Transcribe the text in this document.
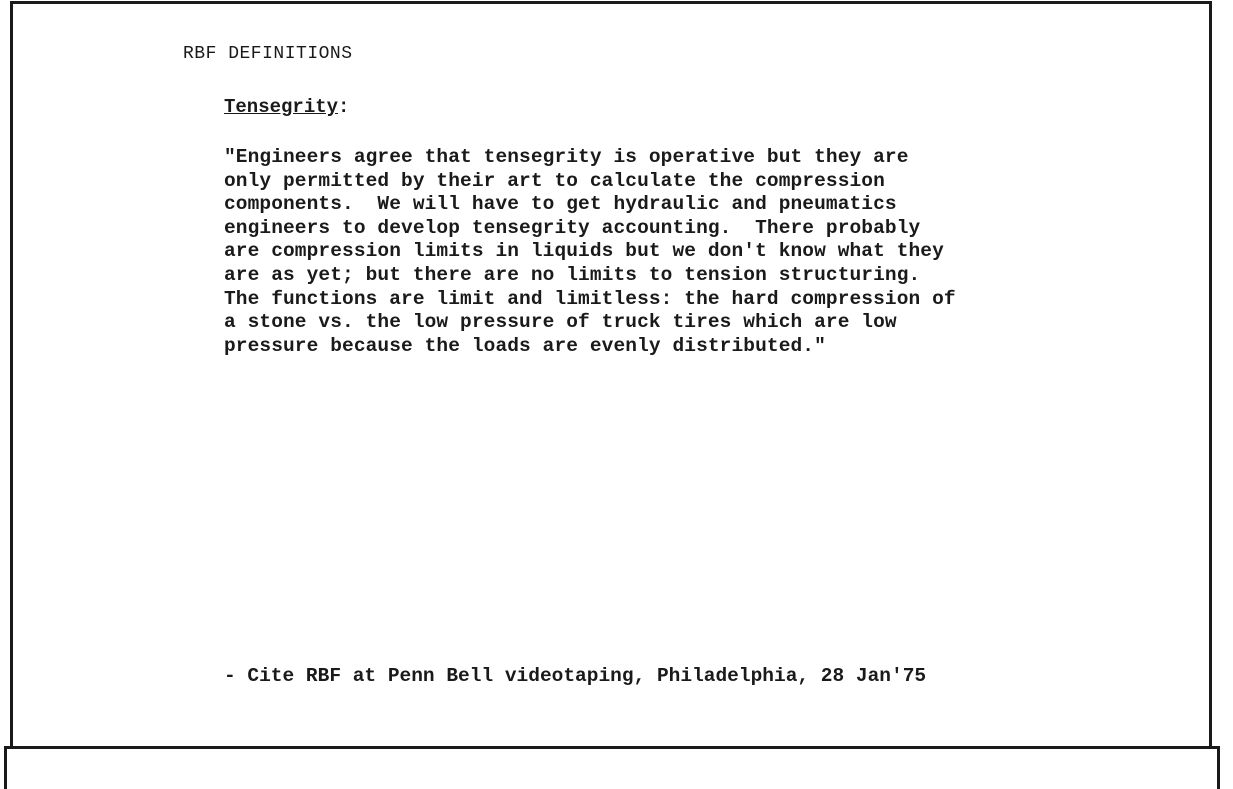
RBF DEFINITIONS
Tensegrity:
"Engineers agree that tensegrity is operative but they are
only permitted by their art to calculate the compression
components.  We will have to get hydraulic and pneumatics
engineers to develop tensegrity accounting.  There probably
are compression limits in liquids but we don't know what they
are as yet; but there are no limits to tension structuring.
The functions are limit and limitless: the hard compression of
a stone vs. the low pressure of truck tires which are low
pressure because the loads are evenly distributed."
- Cite RBF at Penn Bell videotaping, Philadelphia, 28 Jan'75
